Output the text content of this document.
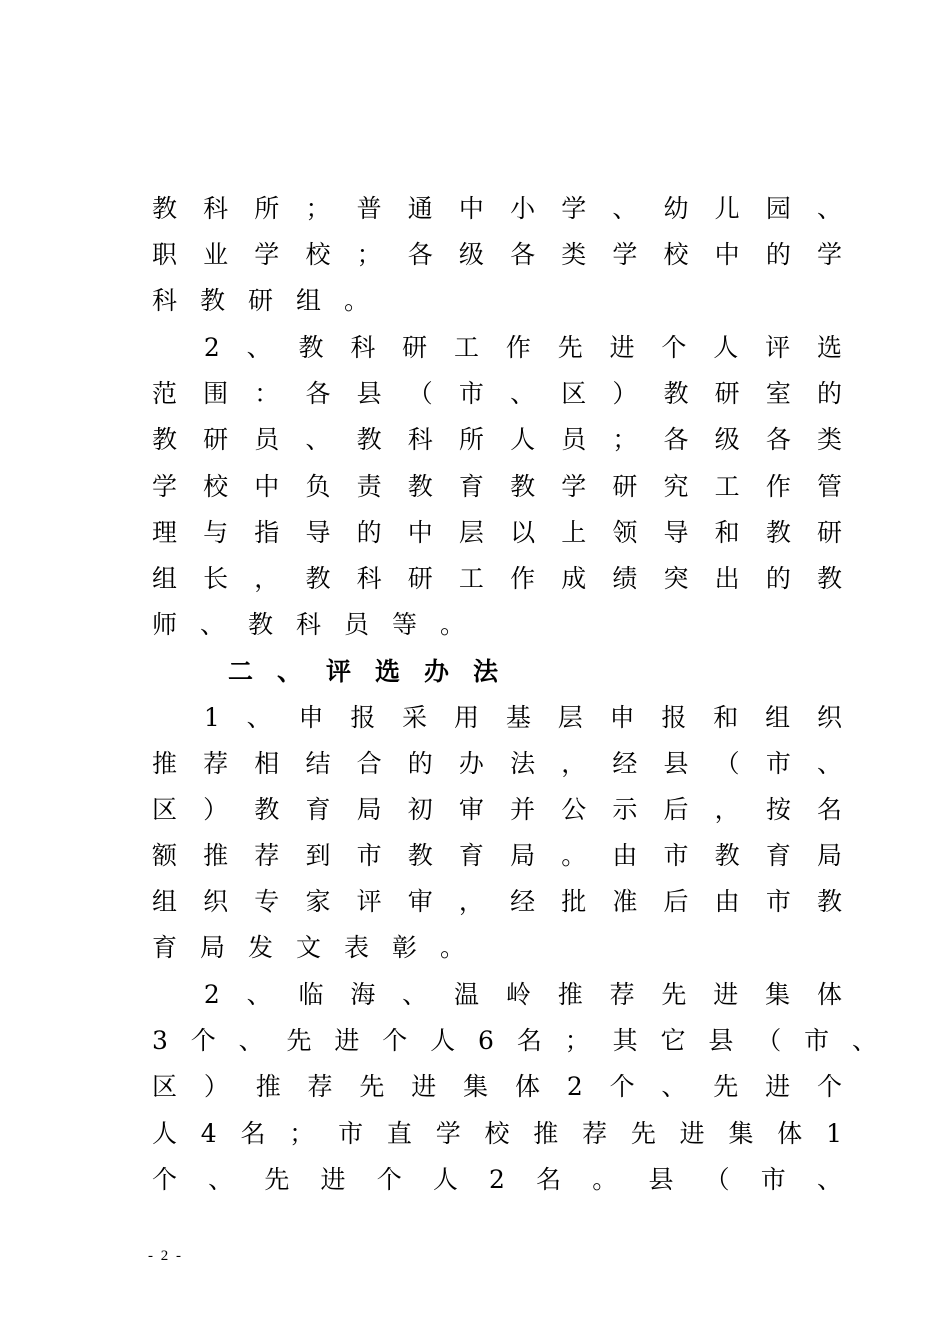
教科所；普通中小学、幼儿园、
职业学校；各级各类学校中的学
科教研组。
　2、教科研工作先进个人评选
范围：各县（市、区）教研室的
教研员、教科所人员；各级各类
学校中负责教育教学研究工作管
理与指导的中层以上领导和教研
组长，教科研工作成绩突出的教
师、教科员等。
二、评选办法
　1、申报采用基层申报和组织
推荐相结合的办法，经县（市、
区）教育局初审并公示后，按名
额推荐到市教育局。由市教育局
组织专家评审，经批准后由市教
育局发文表彰。
　2、临海、温岭推荐先进集体
3个、先进个人6名；其它县（市、
区）推荐先进集体2个、先进个
人4名；市直学校推荐先进集体1
个、先进个人2名。县（市、
- 2 -
